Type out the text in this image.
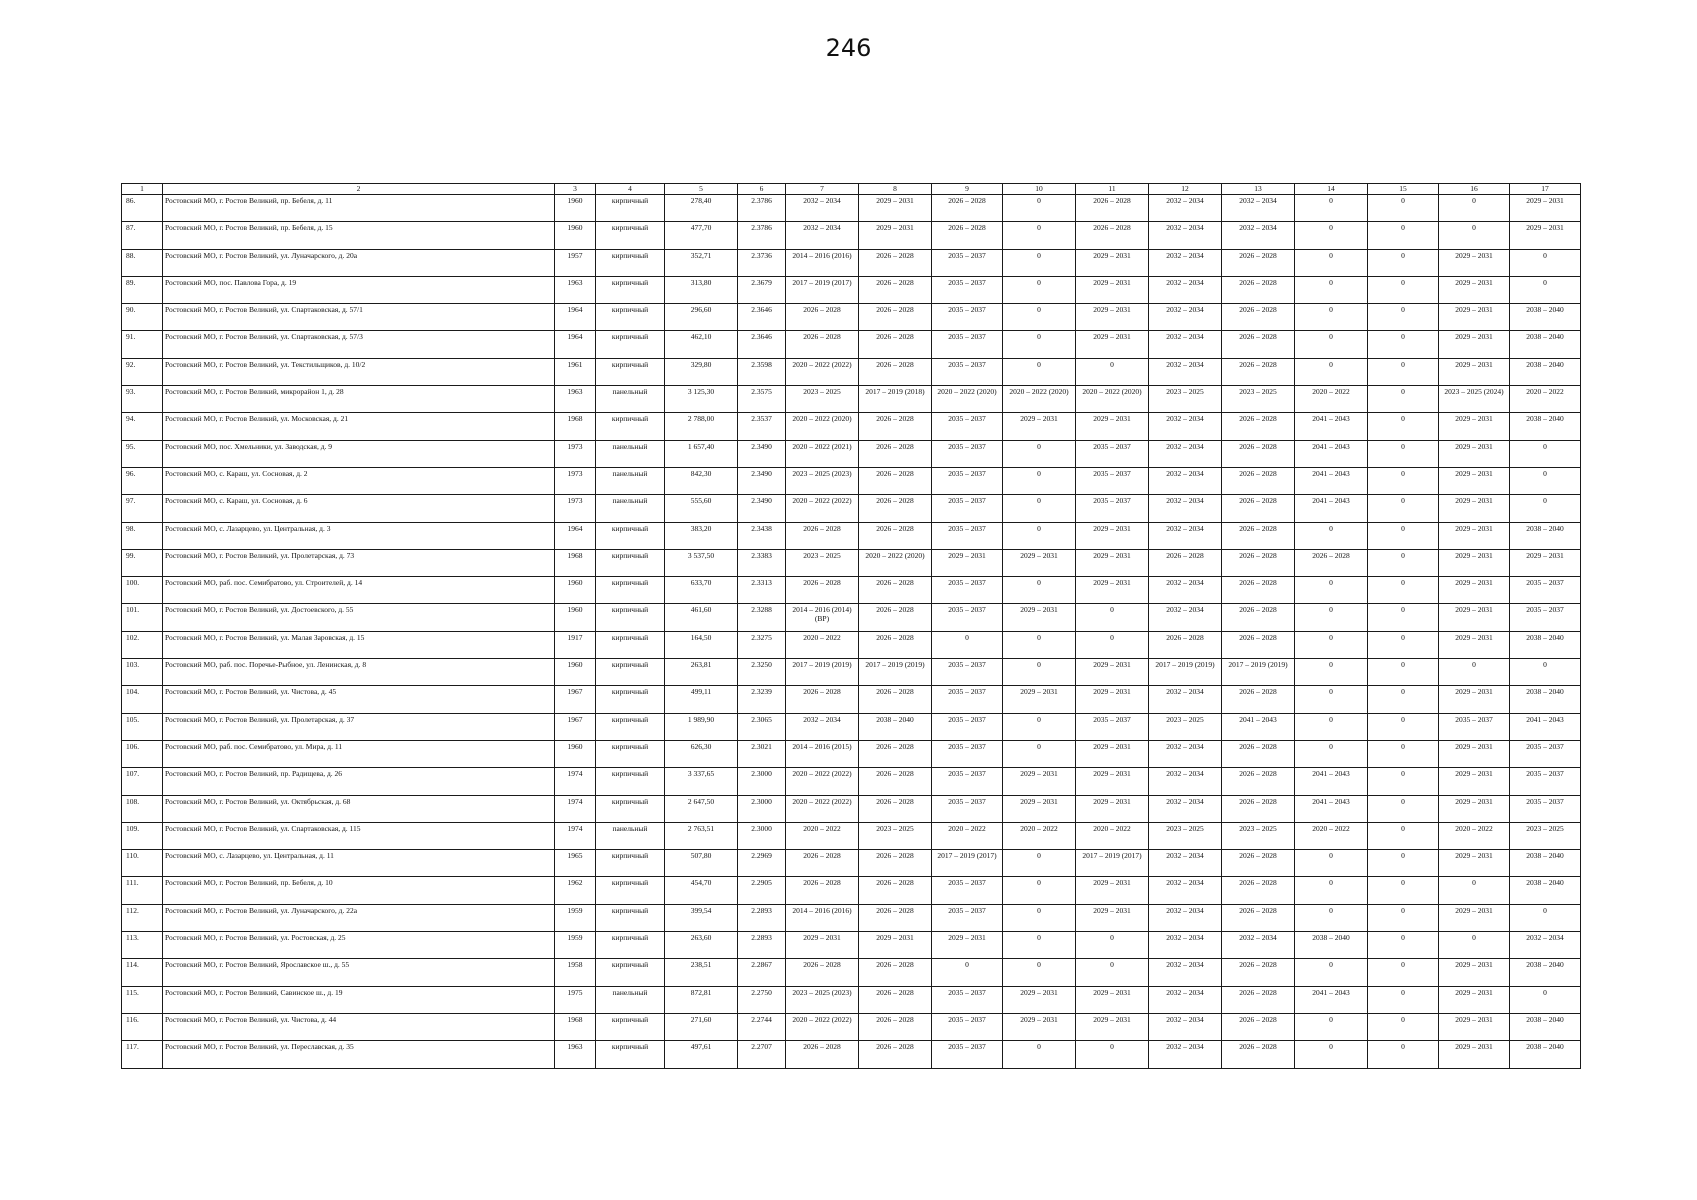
246
1	2	3	4	5	6	7	8	9	10	11	12	13	14	15	16	17
86.	Ростовский МО, г. Ростов Великий, пр. Бебеля, д. 11	1960	кирпичный	278,40	2.3786	2032 – 2034	2029 – 2031	2026 – 2028	0	2026 – 2028	2032 – 2034	2032 – 2034	0	0	0	2029 – 2031
87.	Ростовский МО, г. Ростов Великий, пр. Бебеля, д. 15	1960	кирпичный	477,70	2.3786	2032 – 2034	2029 – 2031	2026 – 2028	0	2026 – 2028	2032 – 2034	2032 – 2034	0	0	0	2029 – 2031
88.	Ростовский МО, г. Ростов Великий, ул. Луначарского, д. 20а	1957	кирпичный	352,71	2.3736	2014 – 2016 (2016)	2026 – 2028	2035 – 2037	0	2029 – 2031	2032 – 2034	2026 – 2028	0	0	2029 – 2031	0
89.	Ростовский МО, пос. Павлова Гора, д. 19	1963	кирпичный	313,80	2.3679	2017 – 2019 (2017)	2026 – 2028	2035 – 2037	0	2029 – 2031	2032 – 2034	2026 – 2028	0	0	2029 – 2031	0
90.	Ростовский МО, г. Ростов Великий, ул. Спартаковская, д. 57/1	1964	кирпичный	296,60	2.3646	2026 – 2028	2026 – 2028	2035 – 2037	0	2029 – 2031	2032 – 2034	2026 – 2028	0	0	2029 – 2031	2038 – 2040
91.	Ростовский МО, г. Ростов Великий, ул. Спартаковская, д. 57/3	1964	кирпичный	462,10	2.3646	2026 – 2028	2026 – 2028	2035 – 2037	0	2029 – 2031	2032 – 2034	2026 – 2028	0	0	2029 – 2031	2038 – 2040
92.	Ростовский МО, г. Ростов Великий, ул. Текстильщиков, д. 10/2	1961	кирпичный	329,80	2.3598	2020 – 2022 (2022)	2026 – 2028	2035 – 2037	0	0	2032 – 2034	2026 – 2028	0	0	2029 – 2031	2038 – 2040
93.	Ростовский МО, г. Ростов Великий, микрорайон 1, д. 28	1963	панельный	3 125,30	2.3575	2023 – 2025	2017 – 2019 (2018)	2020 – 2022 (2020)	2020 – 2022 (2020)	2020 – 2022 (2020)	2023 – 2025	2023 – 2025	2020 – 2022	0	2023 – 2025 (2024)	2020 – 2022
94.	Ростовский МО, г. Ростов Великий, ул. Московская, д. 21	1968	кирпичный	2 788,00	2.3537	2020 – 2022 (2020)	2026 – 2028	2035 – 2037	2029 – 2031	2029 – 2031	2032 – 2034	2026 – 2028	2041 – 2043	0	2029 – 2031	2038 – 2040
95.	Ростовский МО, пос. Хмельники, ул. Заводская, д. 9	1973	панельный	1 657,40	2.3490	2020 – 2022 (2021)	2026 – 2028	2035 – 2037	0	2035 – 2037	2032 – 2034	2026 – 2028	2041 – 2043	0	2029 – 2031	0
96.	Ростовский МО, с. Караш, ул. Сосновая, д. 2	1973	панельный	842,30	2.3490	2023 – 2025 (2023)	2026 – 2028	2035 – 2037	0	2035 – 2037	2032 – 2034	2026 – 2028	2041 – 2043	0	2029 – 2031	0
97.	Ростовский МО, с. Караш, ул. Сосновая, д. 6	1973	панельный	555,60	2.3490	2020 – 2022 (2022)	2026 – 2028	2035 – 2037	0	2035 – 2037	2032 – 2034	2026 – 2028	2041 – 2043	0	2029 – 2031	0
98.	Ростовский МО, с. Лазарцево, ул. Центральная, д. 3	1964	кирпичный	383,20	2.3438	2026 – 2028	2026 – 2028	2035 – 2037	0	2029 – 2031	2032 – 2034	2026 – 2028	0	0	2029 – 2031	2038 – 2040
99.	Ростовский МО, г. Ростов Великий, ул. Пролетарская, д. 73	1968	кирпичный	3 537,50	2.3383	2023 – 2025	2020 – 2022 (2020)	2029 – 2031	2029 – 2031	2029 – 2031	2026 – 2028	2026 – 2028	2026 – 2028	0	2029 – 2031	2029 – 2031
100.	Ростовский МО, раб. пос. Семибратово, ул. Строителей, д. 14	1960	кирпичный	633,70	2.3313	2026 – 2028	2026 – 2028	2035 – 2037	0	2029 – 2031	2032 – 2034	2026 – 2028	0	0	2029 – 2031	2035 – 2037
101.	Ростовский МО, г. Ростов Великий, ул. Достоевского, д. 55	1960	кирпичный	461,60	2.3288	2014 – 2016 (2014) (ВР)	2026 – 2028	2035 – 2037	2029 – 2031	0	2032 – 2034	2026 – 2028	0	0	2029 – 2031	2035 – 2037
102.	Ростовский МО, г. Ростов Великий, ул. Малая Заровская, д. 15	1917	кирпичный	164,50	2.3275	2020 – 2022	2026 – 2028	0	0	0	2026 – 2028	2026 – 2028	0	0	2029 – 2031	2038 – 2040
103.	Ростовский МО, раб. пос. Поречье-Рыбное, ул. Ленинская, д. 8	1960	кирпичный	263,81	2.3250	2017 – 2019 (2019)	2017 – 2019 (2019)	2035 – 2037	0	2029 – 2031	2017 – 2019 (2019)	2017 – 2019 (2019)	0	0	0	0
104.	Ростовский МО, г. Ростов Великий, ул. Чистова, д. 45	1967	кирпичный	499,11	2.3239	2026 – 2028	2026 – 2028	2035 – 2037	2029 – 2031	2029 – 2031	2032 – 2034	2026 – 2028	0	0	2029 – 2031	2038 – 2040
105.	Ростовский МО, г. Ростов Великий, ул. Пролетарская, д. 37	1967	кирпичный	1 989,90	2.3065	2032 – 2034	2038 – 2040	2035 – 2037	0	2035 – 2037	2023 – 2025	2041 – 2043	0	0	2035 – 2037	2041 – 2043
106.	Ростовский МО, раб. пос. Семибратово, ул. Мира, д. 11	1960	кирпичный	626,30	2.3021	2014 – 2016 (2015)	2026 – 2028	2035 – 2037	0	2029 – 2031	2032 – 2034	2026 – 2028	0	0	2029 – 2031	2035 – 2037
107.	Ростовский МО, г. Ростов Великий, пр. Радищева, д. 26	1974	кирпичный	3 337,65	2.3000	2020 – 2022 (2022)	2026 – 2028	2035 – 2037	2029 – 2031	2029 – 2031	2032 – 2034	2026 – 2028	2041 – 2043	0	2029 – 2031	2035 – 2037
108.	Ростовский МО, г. Ростов Великий, ул. Октябрьская, д. 68	1974	кирпичный	2 647,50	2.3000	2020 – 2022 (2022)	2026 – 2028	2035 – 2037	2029 – 2031	2029 – 2031	2032 – 2034	2026 – 2028	2041 – 2043	0	2029 – 2031	2035 – 2037
109.	Ростовский МО, г. Ростов Великий, ул. Спартаковская, д. 115	1974	панельный	2 763,51	2.3000	2020 – 2022	2023 – 2025	2020 – 2022	2020 – 2022	2020 – 2022	2023 – 2025	2023 – 2025	2020 – 2022	0	2020 – 2022	2023 – 2025
110.	Ростовский МО, с. Лазарцево, ул. Центральная, д. 11	1965	кирпичный	507,80	2.2969	2026 – 2028	2026 – 2028	2017 – 2019 (2017)	0	2017 – 2019 (2017)	2032 – 2034	2026 – 2028	0	0	2029 – 2031	2038 – 2040
111.	Ростовский МО, г. Ростов Великий, пр. Бебеля, д. 10	1962	кирпичный	454,70	2.2905	2026 – 2028	2026 – 2028	2035 – 2037	0	2029 – 2031	2032 – 2034	2026 – 2028	0	0	0	2038 – 2040
112.	Ростовский МО, г. Ростов Великий, ул. Луначарского, д. 22а	1959	кирпичный	399,54	2.2893	2014 – 2016 (2016)	2026 – 2028	2035 – 2037	0	2029 – 2031	2032 – 2034	2026 – 2028	0	0	2029 – 2031	0
113.	Ростовский МО, г. Ростов Великий, ул. Ростовская, д. 25	1959	кирпичный	263,60	2.2893	2029 – 2031	2029 – 2031	2029 – 2031	0	0	2032 – 2034	2032 – 2034	2038 – 2040	0	0	2032 – 2034
114.	Ростовский МО, г. Ростов Великий, Ярославское ш., д. 55	1958	кирпичный	238,51	2.2867	2026 – 2028	2026 – 2028	0	0	0	2032 – 2034	2026 – 2028	0	0	2029 – 2031	2038 – 2040
115.	Ростовский МО, г. Ростов Великий, Савинское ш., д. 19	1975	панельный	872,81	2.2750	2023 – 2025 (2023)	2026 – 2028	2035 – 2037	2029 – 2031	2029 – 2031	2032 – 2034	2026 – 2028	2041 – 2043	0	2029 – 2031	0
116.	Ростовский МО, г. Ростов Великий, ул. Чистова, д. 44	1968	кирпичный	271,60	2.2744	2020 – 2022 (2022)	2026 – 2028	2035 – 2037	2029 – 2031	2029 – 2031	2032 – 2034	2026 – 2028	0	0	2029 – 2031	2038 – 2040
117.	Ростовский МО, г. Ростов Великий, ул. Переславская, д. 35	1963	кирпичный	497,61	2.2707	2026 – 2028	2026 – 2028	2035 – 2037	0	0	2032 – 2034	2026 – 2028	0	0	2029 – 2031	2038 – 2040
